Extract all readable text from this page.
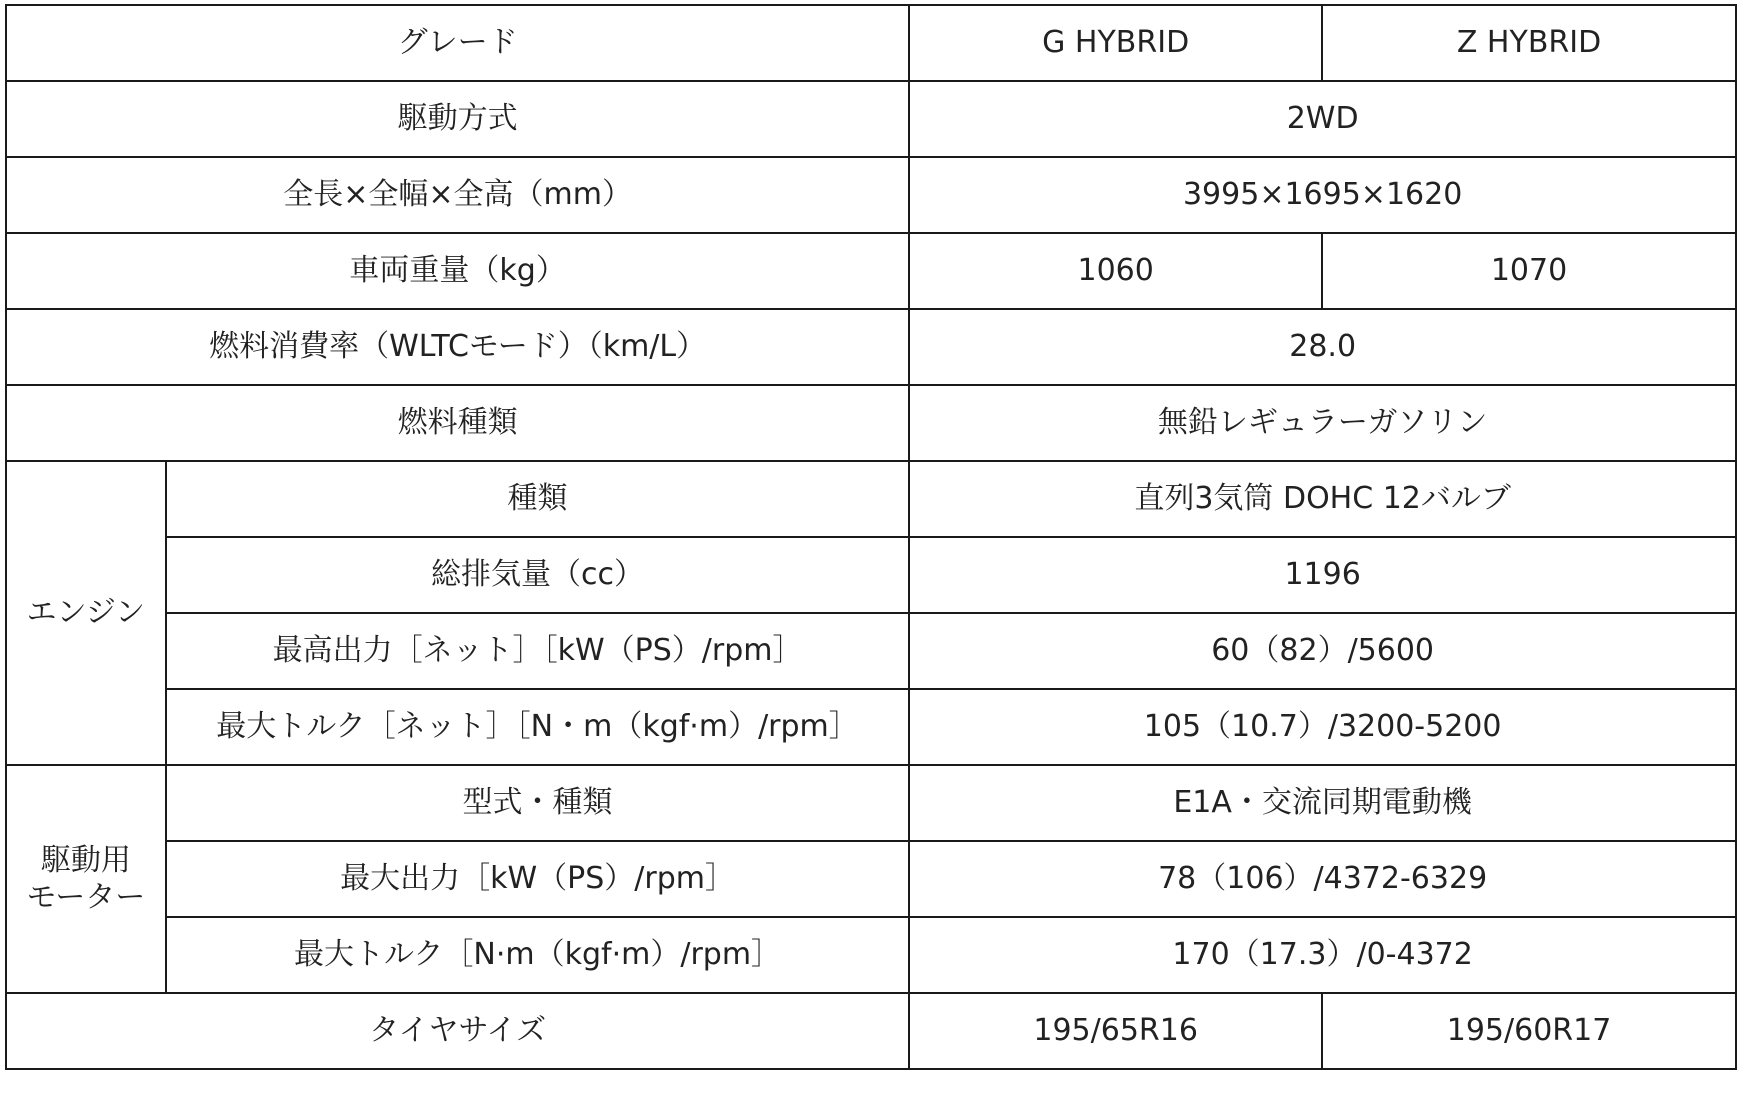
グレード		G HYBRID	Z HYBRID
駆動方式		2WD	
全長×全幅×全高（mm）		3995×1695×1620	
車両重量（kg）		1060	1070
燃料消費率（WLTCモード）（km/L）		28.0	
燃料種類		無鉛レギュラーガソリン	
エンジン	種類	直列3気筒 DOHC 12バルブ	
	総排気量（cc）	1196	
	最高出力［ネット］［kW（PS）/rpm］	60（82）/5600	
	最大トルク［ネット］［N・m（kgf·m）/rpm］	105（10.7）/3200-5200	

駆動用
モーター	型式・種類	E1A・交流同期電動機	
	最大出力［kW（PS）/rpm］	78（106）/4372-6329	
	最大トルク［N·m（kgf·m）/rpm］	170（17.3）/0-4372	
タイヤサイズ		195/65R16	195/60R17
